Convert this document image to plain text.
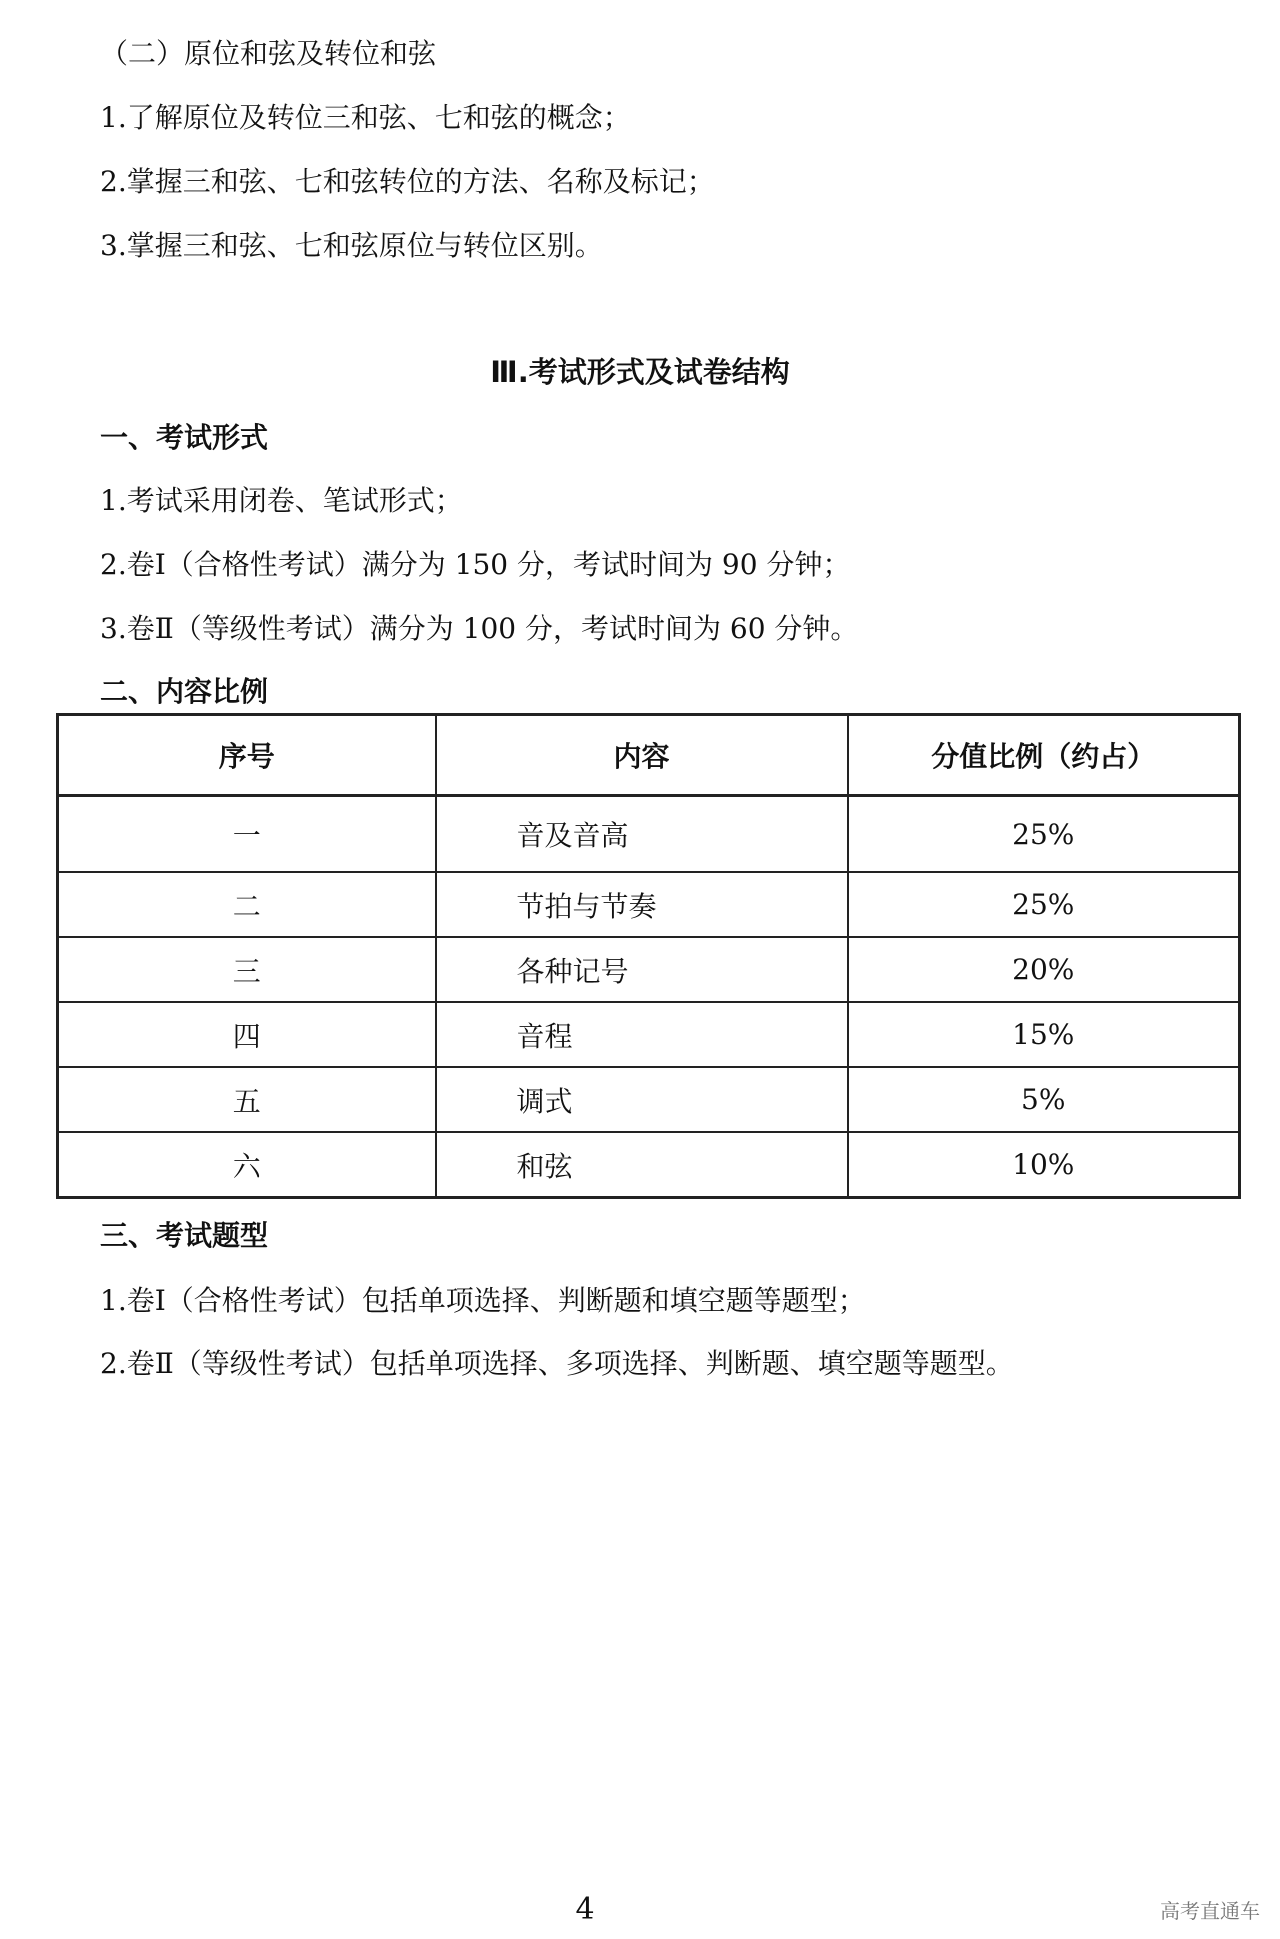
（二）原位和弦及转位和弦
1.了解原位及转位三和弦、七和弦的概念；
2.掌握三和弦、七和弦转位的方法、名称及标记；
3.掌握三和弦、七和弦原位与转位区别。
Ⅲ.考试形式及试卷结构
一、考试形式
1.考试采用闭卷、笔试形式；
2.卷Ⅰ（合格性考试）满分为 150 分，考试时间为 90 分钟；
3.卷Ⅱ（等级性考试）满分为 100 分，考试时间为 60 分钟。
二、内容比例
序号	内容	分值比例（约占）
一	音及音高	25%
二	节拍与节奏	25%
三	各种记号	20%
四	音程	15%
五	调式	5%
六	和弦	10%
三、考试题型
1.卷Ⅰ（合格性考试）包括单项选择、判断题和填空题等题型；
2.卷Ⅱ（等级性考试）包括单项选择、多项选择、判断题、填空题等题型。
4	高考直通车
